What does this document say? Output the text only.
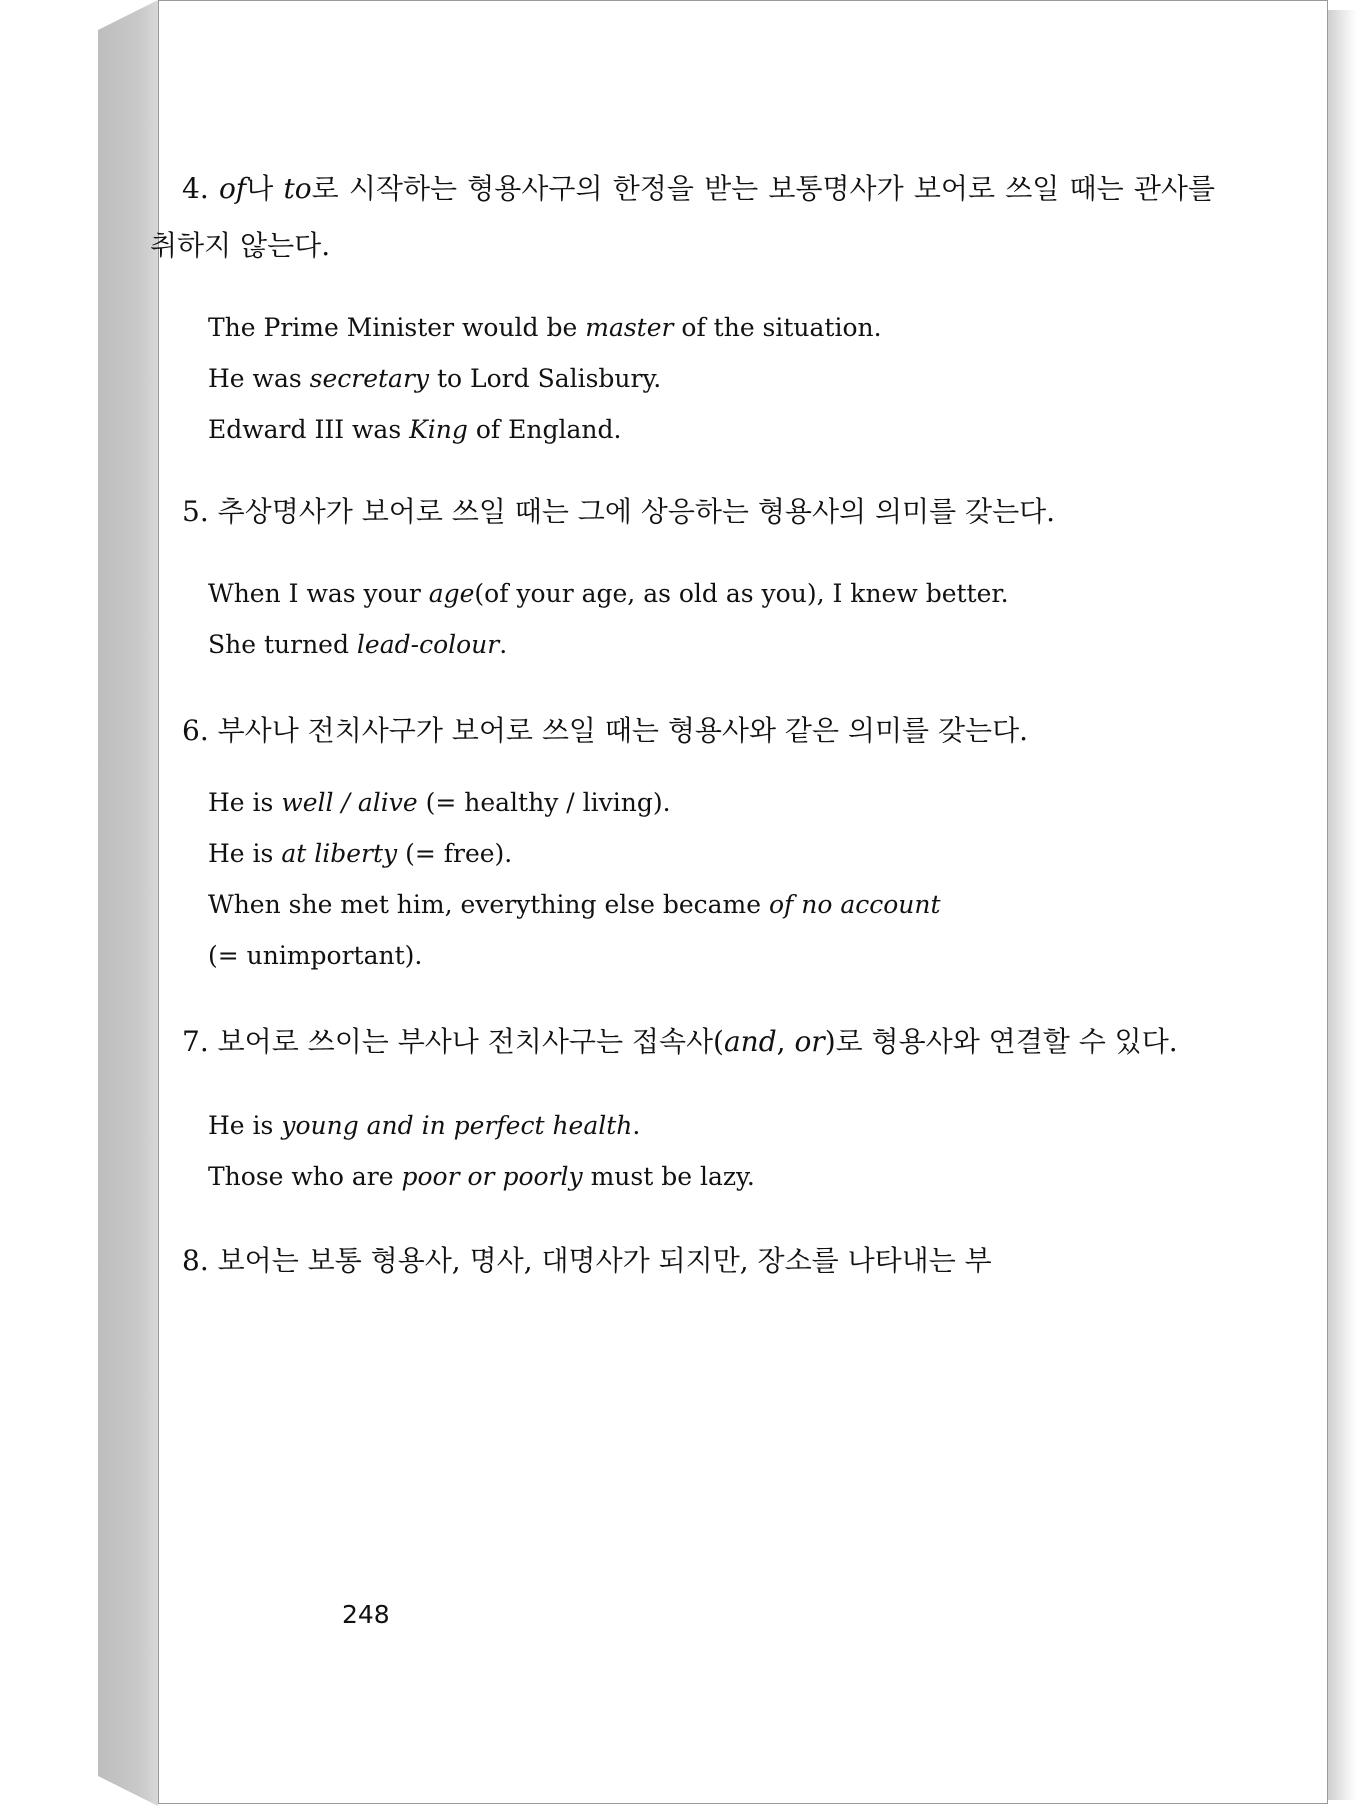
4. of나 to로 시작하는 형용사구의 한정을 받는 보통명사가 보어로 쓰일 때는 관사를 취하지 않는다.

The Prime Minister would be master of the situation.

He was secretary to Lord Salisbury.

Edward III was King of England.

5. 추상명사가 보어로 쓰일 때는 그에 상응하는 형용사의 의미를 갖는다.

When I was your age(of your age, as old as you), I knew better.

She turned lead-colour.

6. 부사나 전치사구가 보어로 쓰일 때는 형용사와 같은 의미를 갖는다.

He is well / alive (= healthy / living).

He is at liberty (= free).

When she met him, everything else became of no account

(= unimportant).

7. 보어로 쓰이는 부사나 전치사구는 접속사(and, or)로 형용사와 연결할 수 있다.

He is young and in perfect health.

Those who are poor or poorly must be lazy.

8. 보어는 보통 형용사, 명사, 대명사가 되지만, 장소를 나타내는 부

248
